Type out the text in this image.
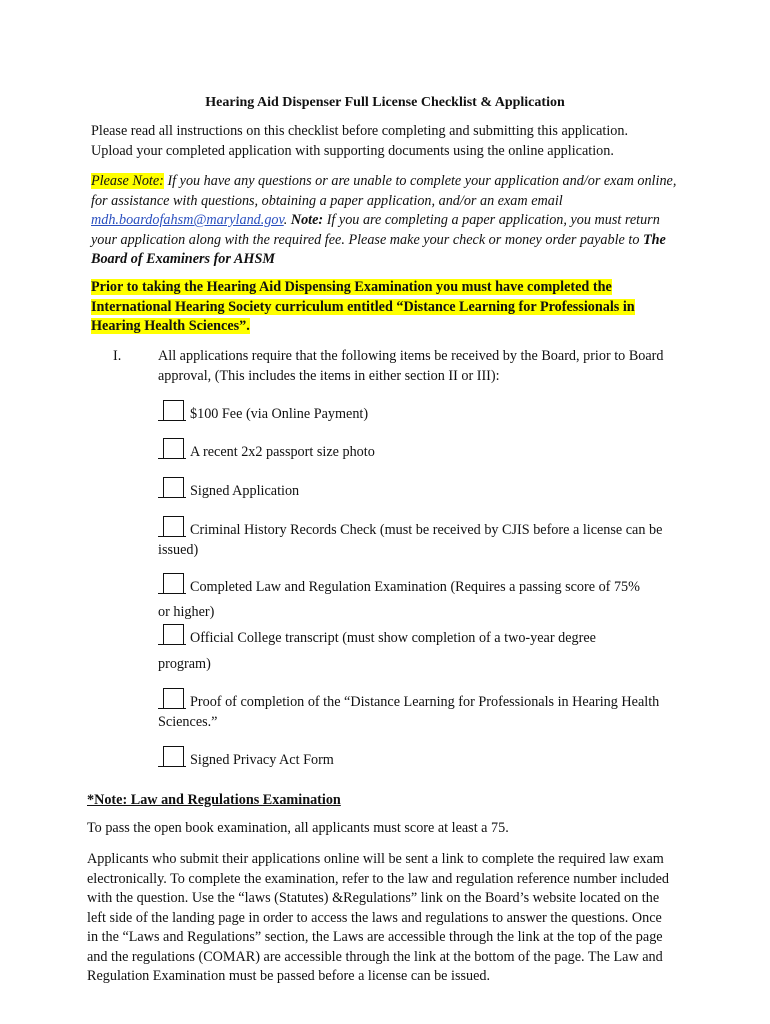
Hearing Aid Dispenser Full License Checklist & Application
Please read all instructions on this checklist before completing and submitting this application.
Upload your completed application with supporting documents using the online application.
Please Note: If you have any questions or are unable to complete your application and/or exam online, for assistance with questions, obtaining a paper application, and/or an exam email mdh.boardofahsm@maryland.gov. Note: If you are completing a paper application, you must return your application along with the required fee. Please make your check or money order payable to The Board of Examiners for AHSM
Prior to taking the Hearing Aid Dispensing Examination you must have completed the International Hearing Society curriculum entitled “Distance Learning for Professionals in Hearing Health Sciences”.
I.	All applications require that the following items be received by the Board, prior to Board approval, (This includes the items in either section II or III):
$100 Fee (via Online Payment)
A recent 2x2 passport size photo
Signed Application
Criminal History Records Check (must be received by CJIS before a license can be issued)
Completed Law and Regulation Examination (Requires a passing score of 75%
or higher)
Official College transcript (must show completion of a two-year degree
program)
Proof of completion of the “Distance Learning for Professionals in Hearing Health Sciences.”
Signed Privacy Act Form
*Note: Law and Regulations Examination
To pass the open book examination, all applicants must score at least a 75.
Applicants who submit their applications online will be sent a link to complete the required law exam electronically. To complete the examination, refer to the law and regulation reference number included with the question. Use the “laws (Statutes) &Regulations” link on the Board’s website located on the left side of the landing page in order to access the laws and regulations to answer the questions. Once in the “Laws and Regulations” section, the Laws are accessible through the link at the top of the page and the regulations (COMAR) are accessible through the link at the bottom of the page. The Law and Regulation Examination must be passed before a license can be issued.
